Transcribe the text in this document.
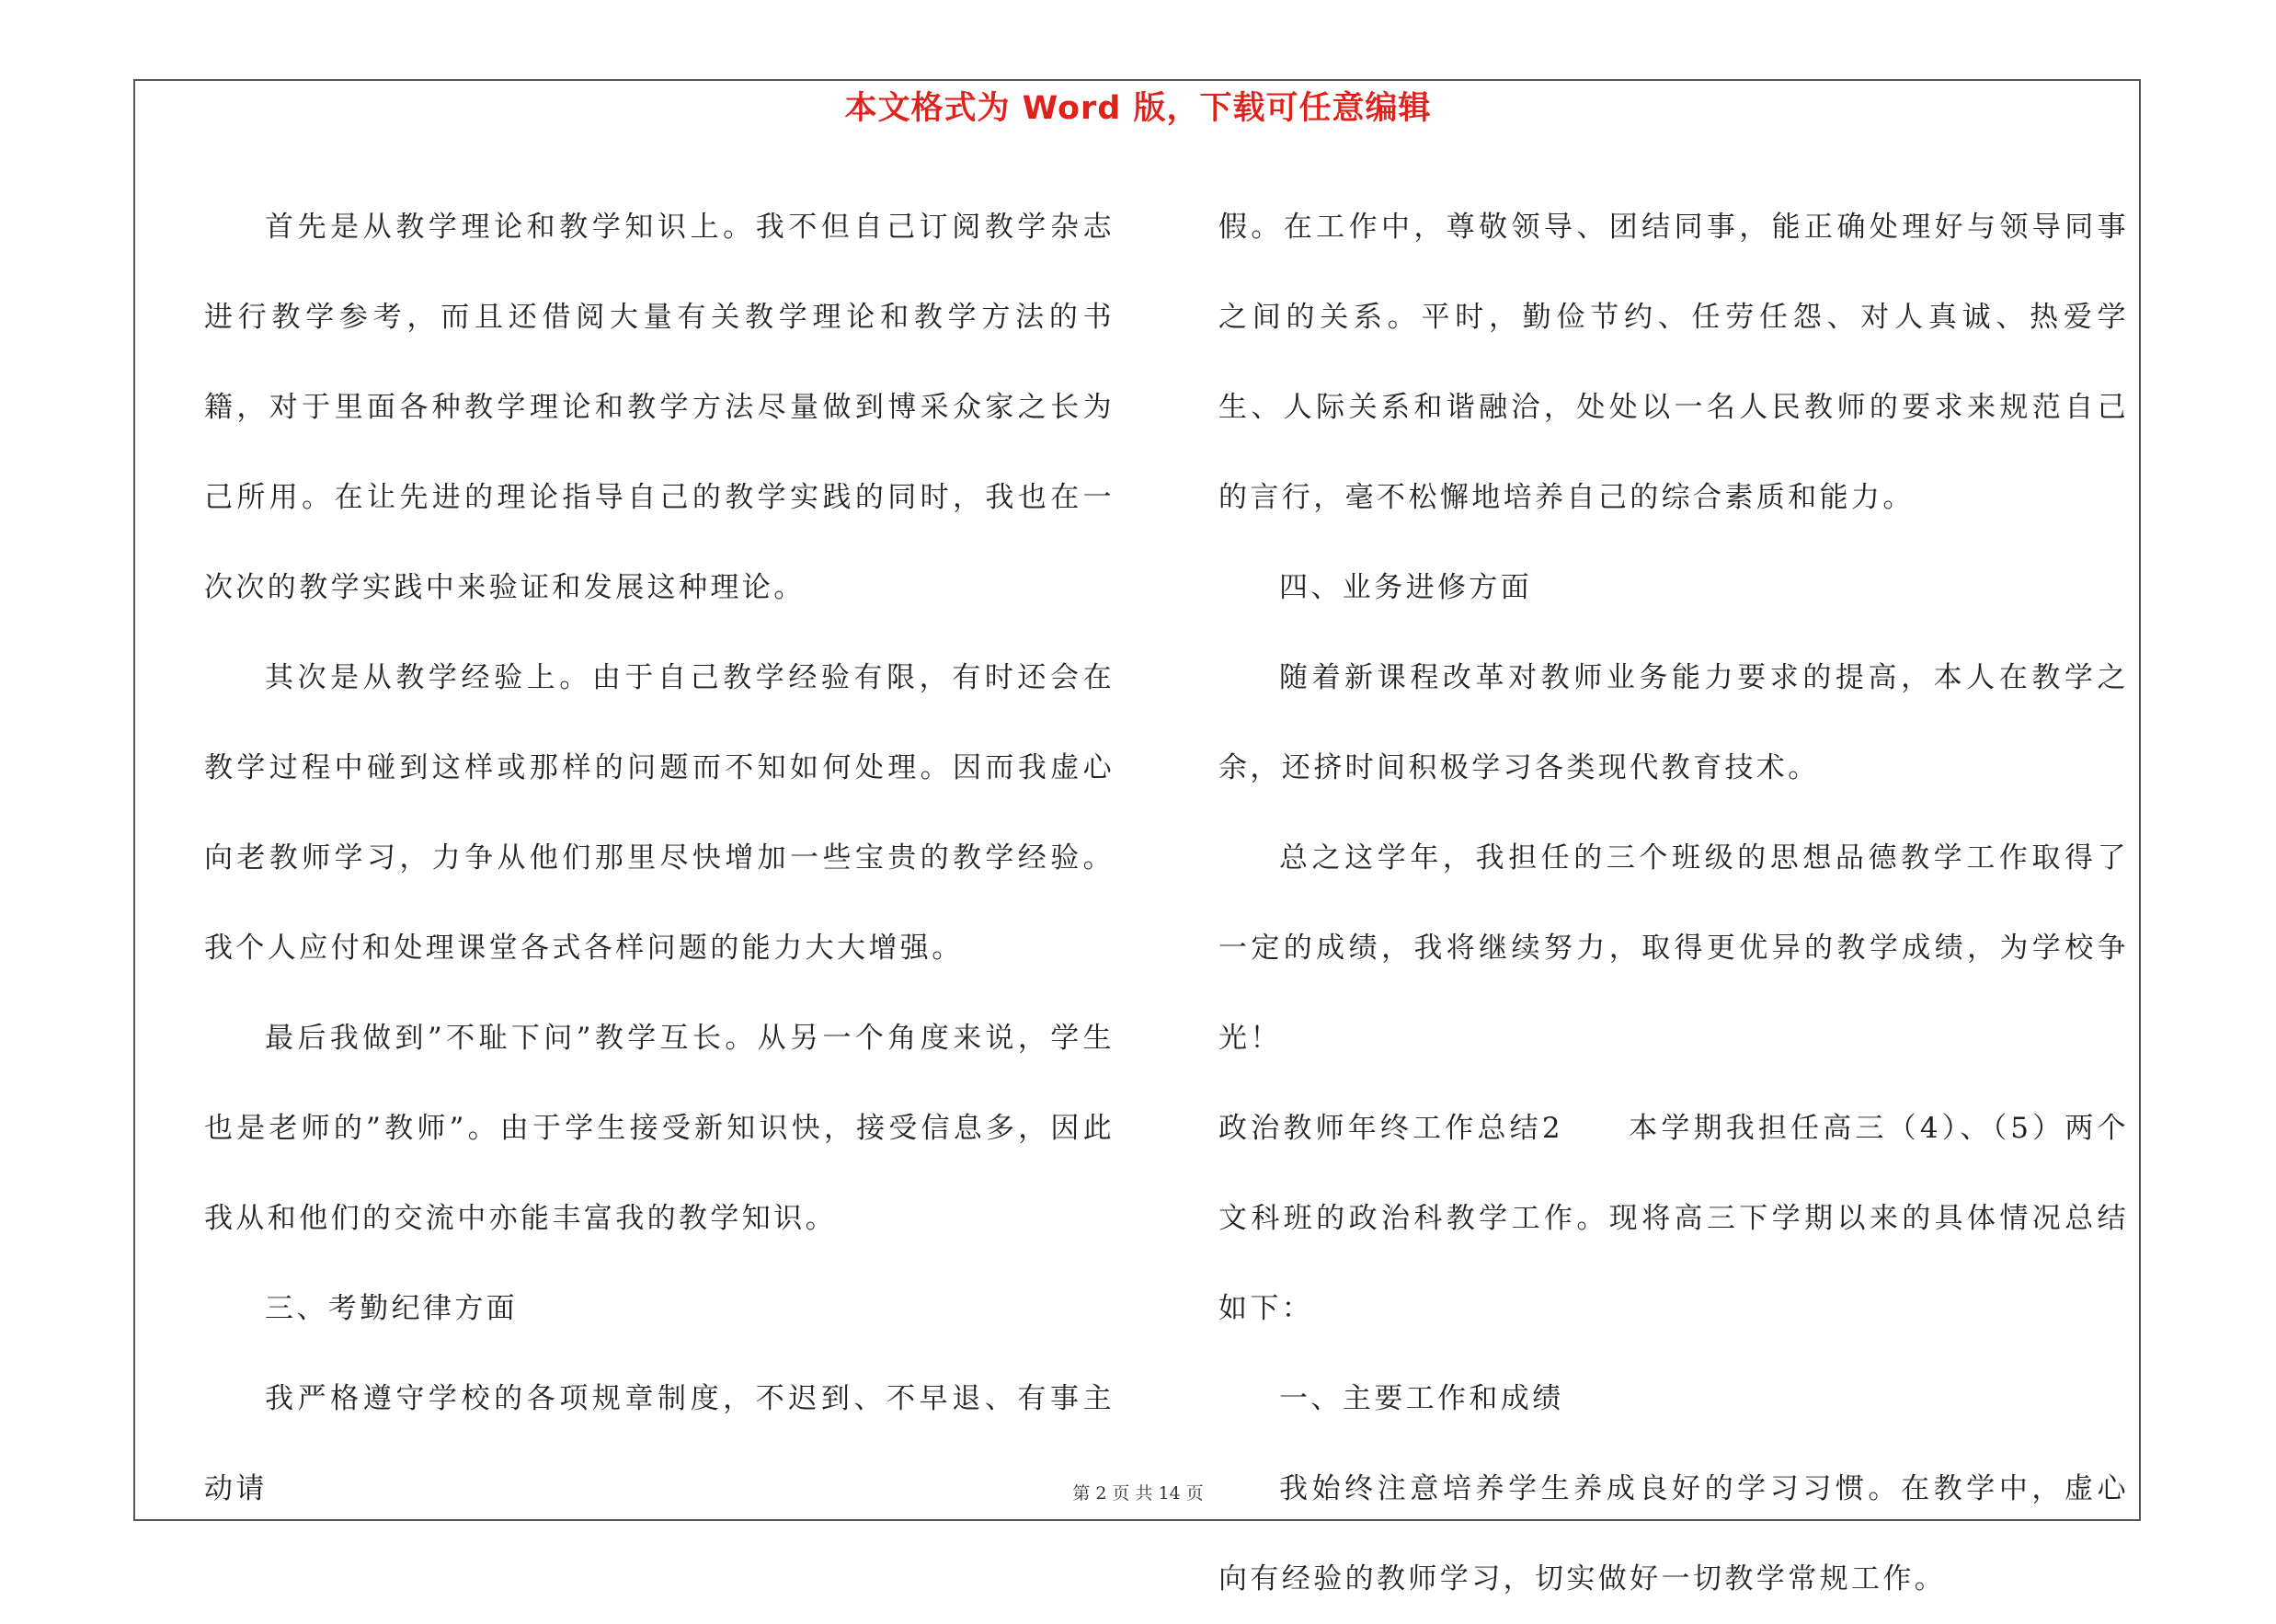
本文格式为 Word 版，下载可任意编辑

首先是从教学理论和教学知识上。我不但自己订阅教学杂志进行教学参考，而且还借阅大量有关教学理论和教学方法的书籍，对于里面各种教学理论和教学方法尽量做到博采众家之长为己所用。在让先进的理论指导自己的教学实践的同时，我也在一次次的教学实践中来验证和发展这种理论。

其次是从教学经验上。由于自己教学经验有限，有时还会在教学过程中碰到这样或那样的问题而不知如何处理。因而我虚心向老教师学习，力争从他们那里尽快增加一些宝贵的教学经验。我个人应付和处理课堂各式各样问题的能力大大增强。

最后我做到”不耻下问”教学互长。从另一个角度来说，学生也是老师的”教师”。由于学生接受新知识快，接受信息多，因此我从和他们的交流中亦能丰富我的教学知识。

三、考勤纪律方面

我严格遵守学校的各项规章制度，不迟到、不早退、有事主动请

假。在工作中，尊敬领导、团结同事，能正确处理好与领导同事之间的关系。平时，勤俭节约、任劳任怨、对人真诚、热爱学生、人际关系和谐融洽，处处以一名人民教师的要求来规范自己的言行，毫不松懈地培养自己的综合素质和能力。

四、业务进修方面

随着新课程改革对教师业务能力要求的提高，本人在教学之余，还挤时间积极学习各类现代教育技术。

总之这学年，我担任的三个班级的思想品德教学工作取得了一定的成绩，我将继续努力，取得更优异的教学成绩，为学校争光！

政治教师年终工作总结2　　本学期我担任高三（4）、（5）两个文科班的政治科教学工作。现将高三下学期以来的具体情况总结如下：

一、主要工作和成绩

我始终注意培养学生养成良好的学习习惯。在教学中，虚心向有经验的教师学习，切实做好一切教学常规工作。

第 2 页 共 14 页
